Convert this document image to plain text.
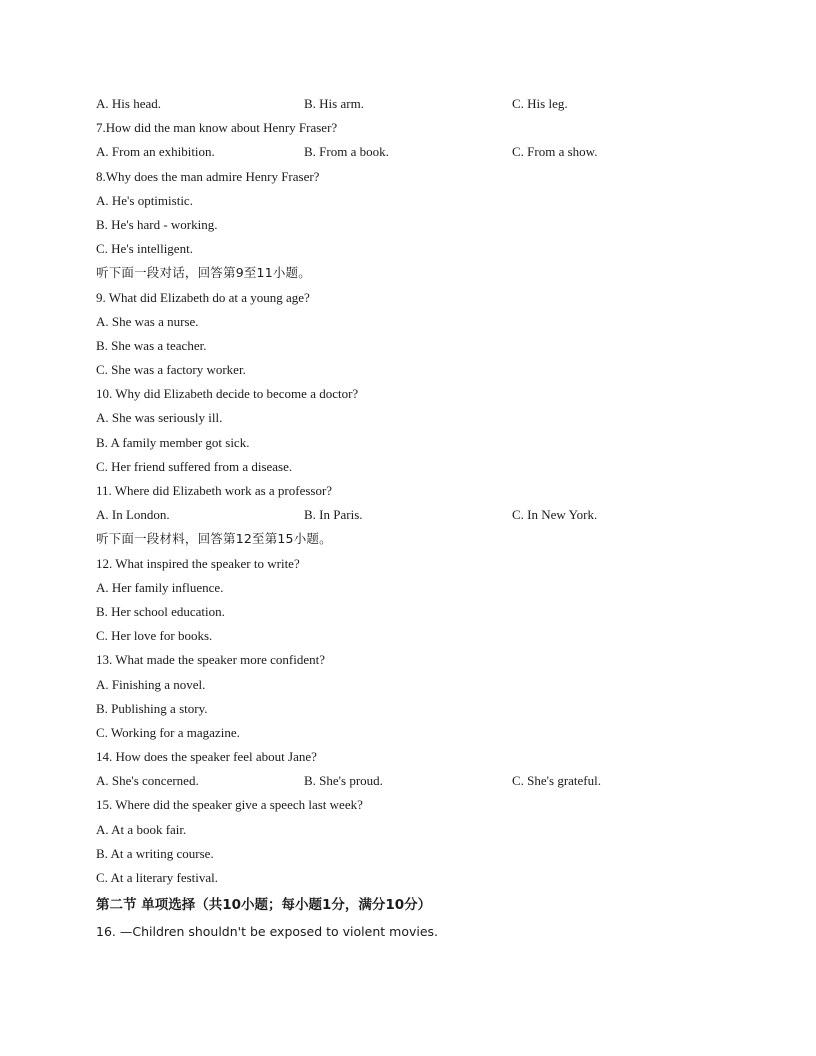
A. His head.	B. His arm.	C. His leg.
7.How did the man know about Henry Fraser?
A. From an exhibition.	B. From a book.	C. From a show.
8.Why does the man admire Henry Fraser?
A. He's optimistic.
B. He's hard - working.
C. He's intelligent.
听下面一段对话，回答第9至11小题。
9. What did Elizabeth do at a young age?
A. She was a nurse.
B. She was a teacher.
C. She was a factory worker.
10. Why did Elizabeth decide to become a doctor?
A. She was seriously ill.
B. A family member got sick.
C. Her friend suffered from a disease.
11. Where did Elizabeth work as a professor?
A. In London.	B. In Paris.	C. In New York.
听下面一段材料，回答第12至第15小题。
12. What inspired the speaker to write?
A. Her family influence.
B. Her school education.
C. Her love for books.
13. What made the speaker more confident?
A. Finishing a novel.
B. Publishing a story.
C. Working for a magazine.
14. How does the speaker feel about Jane?
A. She's concerned.	B. She's proud.	C. She's grateful.
15. Where did the speaker give a speech last week?
A. At a book fair.
B. At a writing course.
C. At a literary festival.
第二节 单项选择（共10小题；每小题1分，满分10分）
16. —Children shouldn't be exposed to violent movies.
